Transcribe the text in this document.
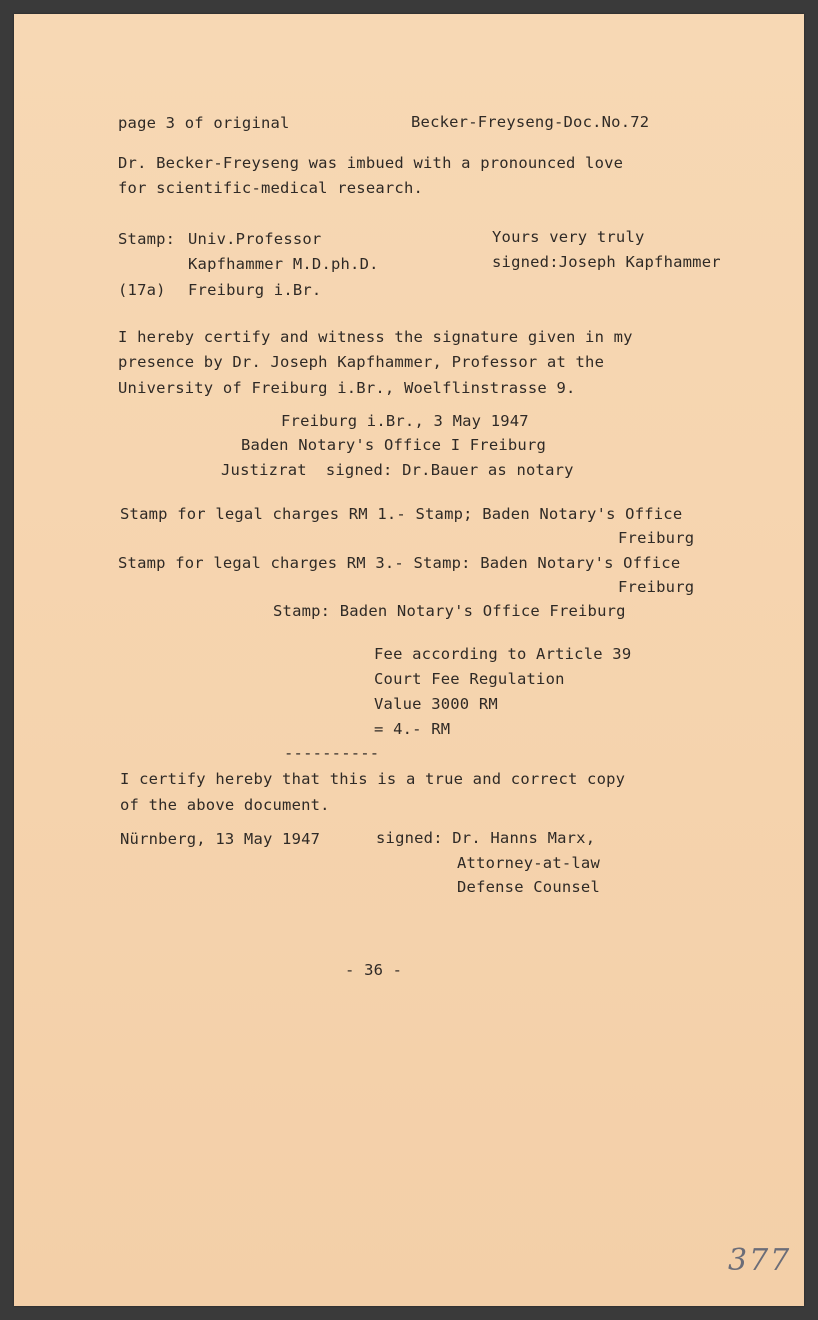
page 3 of original	Becker-Freyseng-Doc.No.72
Dr. Becker-Freyseng was imbued with a pronounced love
for scientific-medical research.
Stamp: Univ.Professor
Kapfhammer M.D.ph.D.
(17a) Freiburg i.Br.
Yours very truly
signed:Joseph Kapfhammer
I hereby certify and witness the signature given in my
presence by Dr. Joseph Kapfhammer, Professor at the
University of Freiburg i.Br., Woelflinstrasse 9.
Freiburg i.Br., 3 May 1947
Baden Notary's Office I Freiburg
Justizrat  signed: Dr.Bauer as notary
Stamp for legal charges RM 1.- Stamp; Baden Notary's Office
Freiburg
Stamp for legal charges RM 3.- Stamp: Baden Notary's Office
Freiburg
Stamp: Baden Notary's Office Freiburg
Fee according to Article 39
Court Fee Regulation
Value 3000 RM
= 4.- RM
----------
I certify hereby that this is a true and correct copy
of the above document.
Nürnberg, 13 May 1947	signed: Dr. Hanns Marx,
Attorney-at-law
Defense Counsel
- 36 -
377
